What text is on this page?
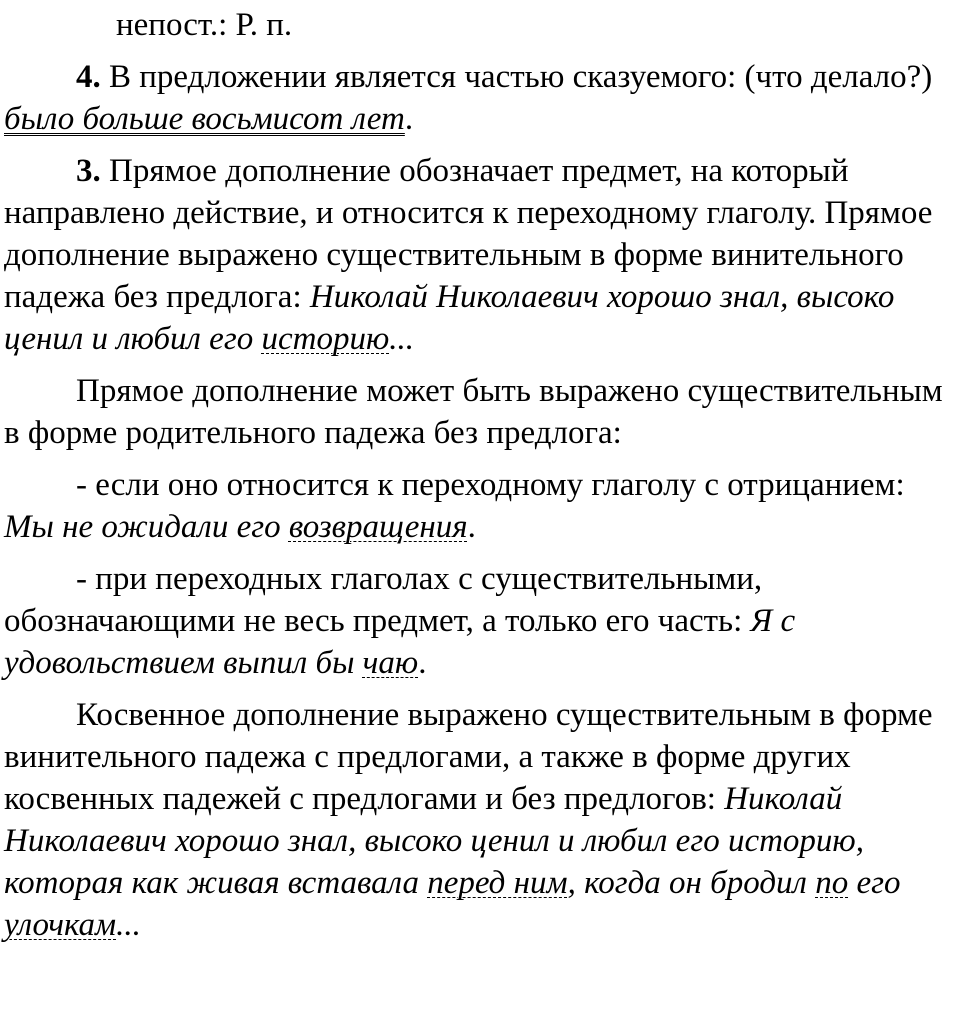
непост.: Р. п.

4. В предложении является частью сказуемого: (что делало?) было больше восьмисот лет.

3. Прямое дополнение обозначает предмет, на который направлено действие, и относится к переходному глаголу. Прямое дополнение выражено существительным в форме винительного падежа без предлога: Николай Николаевич хорошо знал, высоко ценил и любил его историю...

Прямое дополнение может быть выражено существительным в форме родительного падежа без предлога:

- если оно относится к переходному глаголу с отрицанием: Мы не ожидали его возвращения.

- при переходных глаголах с существительными, обозначающими не весь предмет, а только его часть: Я с удовольствием выпил бы чаю.

Косвенное дополнение выражено существительным в форме винительного падежа с предлогами, а также в форме других косвенных падежей с предлогами и без предлогов: Николай Николаевич хорошо знал, высоко ценил и любил его историю, которая как живая вставала перед ним, когда он бродил по его улочкам...
